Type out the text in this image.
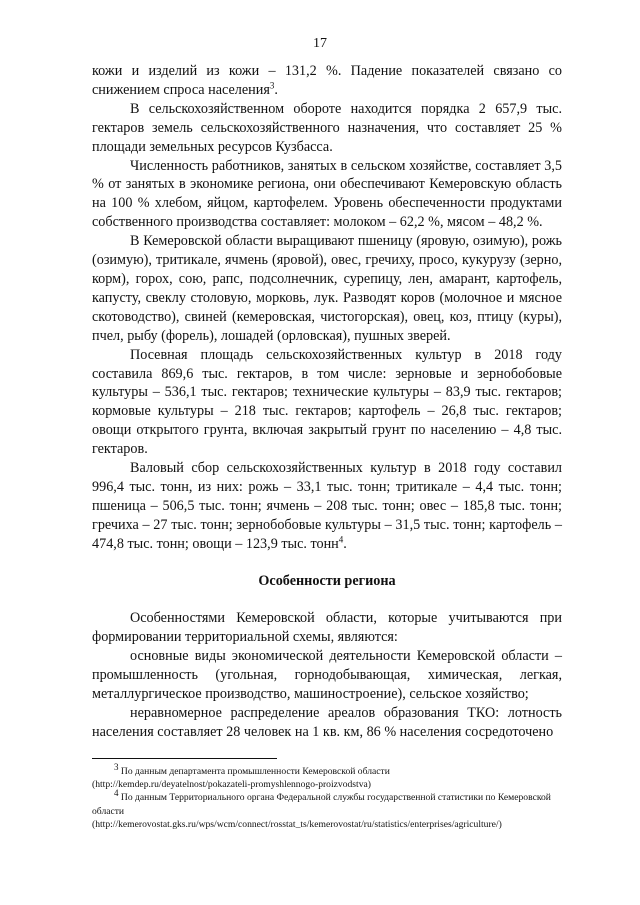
17

кожи и изделий из кожи – 131,2 %. Падение показателей связано со снижением спроса населения$^3$.

В сельскохозяйственном обороте находится порядка 2 657,9 тыс. гектаров земель сельскохозяйственного назначения, что составляет 25 % площади земельных ресурсов Кузбасса.

Численность работников, занятых в сельском хозяйстве, составляет 3,5 % от занятых в экономике региона, они обеспечивают Кемеровскую область на 100 % хлебом, яйцом, картофелем. Уровень обеспеченности продуктами собственного производства составляет: молоком – 62,2 %, мясом – 48,2 %.

В Кемеровской области выращивают пшеницу (яровую, озимую), рожь (озимую), тритикале, ячмень (яровой), овес, гречиху, просо, кукурузу (зерно, корм), горох, сою, рапс, подсолнечник, сурепицу, лен, амарант, картофель, капусту, свеклу столовую, морковь, лук. Разводят коров (молочное и мясное скотоводство), свиней (кемеровская, чистогорская), овец, коз, птицу (куры), пчел, рыбу (форель), лошадей (орловская), пушных зверей.

Посевная площадь сельскохозяйственных культур в 2018 году составила 869,6 тыс. гектаров, в том числе: зерновые и зернобобовые культуры – 536,1 тыс. гектаров; технические культуры – 83,9 тыс. гектаров; кормовые культуры – 218 тыс. гектаров; картофель – 26,8 тыс. гектаров; овощи открытого грунта, включая закрытый грунт по населению – 4,8 тыс. гектаров.

Валовый сбор сельскохозяйственных культур в 2018 году составил 996,4 тыс. тонн, из них: рожь – 33,1 тыс. тонн; тритикале – 4,4 тыс. тонн; пшеница – 506,5 тыс. тонн; ячмень – 208 тыс. тонн; овес – 185,8 тыс. тонн; гречиха – 27 тыс. тонн; зернобобовые культуры – 31,5 тыс. тонн; картофель – 474,8 тыс. тонн; овощи – 123,9 тыс. тонн$^4$.

Особенности региона

Особенностями Кемеровской области, которые учитываются при формировании территориальной схемы, являются:

основные виды экономической деятельности Кемеровской области – промышленность (угольная, горнодобывающая, химическая, легкая, металлургическое производство, машиностроение), сельское хозяйство;

неравномерное распределение ареалов образования ТКО: лотность населения составляет 28 человек на 1 кв. км, 86 % населения сосредоточено

$^3$ По данным департамента промышленности Кемеровской области

(http://kemdep.ru/deyatelnost/pokazateli-promyshlennogo-proizvodstva)

$^4$ По данным Территориального органа Федеральной службы государственной статистики по Кемеровской области

(http://kemerovostat.gks.ru/wps/wcm/connect/rosstat_ts/kemerovostat/ru/statistics/enterprises/agriculture/)
